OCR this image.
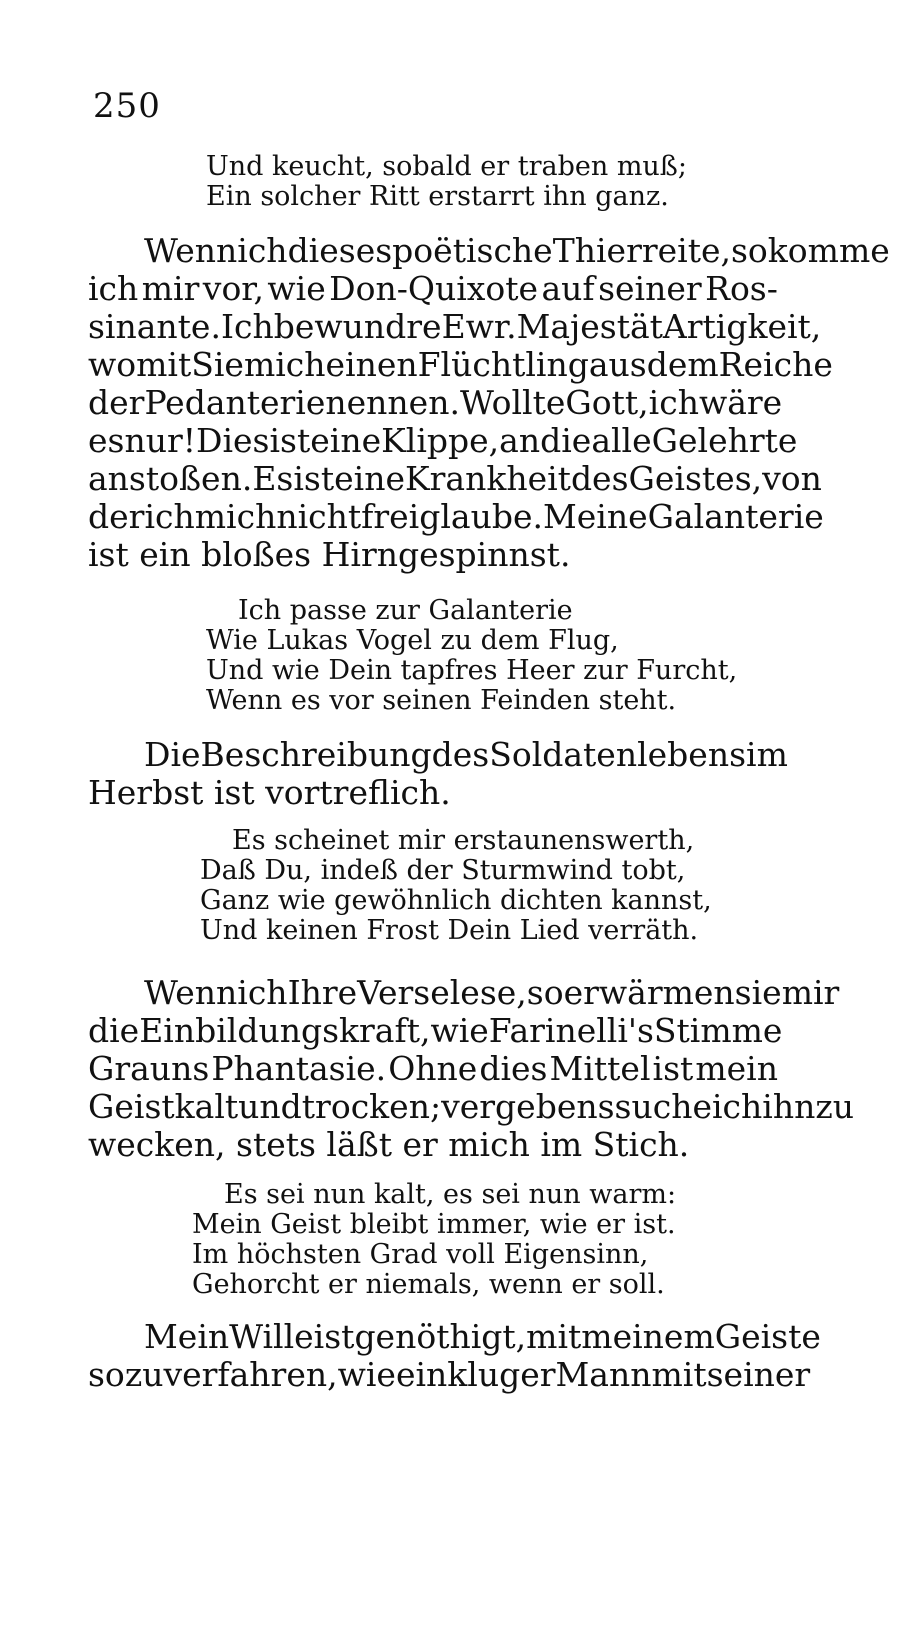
250
Und keucht, sobald er traben muß;
Ein solcher Ritt erstarrt ihn ganz.
Wenn ich dieses poëtische Thier reite, so komme
ich mir vor, wie Don-Quixote auf seiner Ros-
sinante. Ich bewundre Ewr. Majestät Artigkeit,
womit Sie mich einen Flüchtling aus dem Reiche
der Pedanterie nennen. Wollte Gott, ich wäre
es nur! Dies ist eine Klippe, an die alle Gelehrte
anstoßen. Es ist eine Krankheit des Geistes, von
der ich mich nicht frei glaube. Meine Galanterie
ist ein bloßes Hirngespinnst.
Ich passe zur Galanterie
Wie Lukas Vogel zu dem Flug,
Und wie Dein tapfres Heer zur Furcht,
Wenn es vor seinen Feinden steht.
Die Beschreibung des Soldatenlebens im
Herbst ist vortreflich.
Es scheinet mir erstaunenswerth,
Daß Du, indeß der Sturmwind tobt,
Ganz wie gewöhnlich dichten kannst,
Und keinen Frost Dein Lied verräth.
Wenn ich Ihre Verse lese, so erwärmen sie mir
die Einbildungskraft, wie Farinelli's Stimme
Grauns Phantasie. Ohne dies Mittel ist mein
Geist kalt und trocken; vergebens suche ich ihn zu
wecken, stets läßt er mich im Stich.
Es sei nun kalt, es sei nun warm:
Mein Geist bleibt immer, wie er ist.
Im höchsten Grad voll Eigensinn,
Gehorcht er niemals, wenn er soll.
Mein Wille ist genöthigt, mit meinem Geiste
so zu verfahren, wie ein kluger Mann mit seiner
